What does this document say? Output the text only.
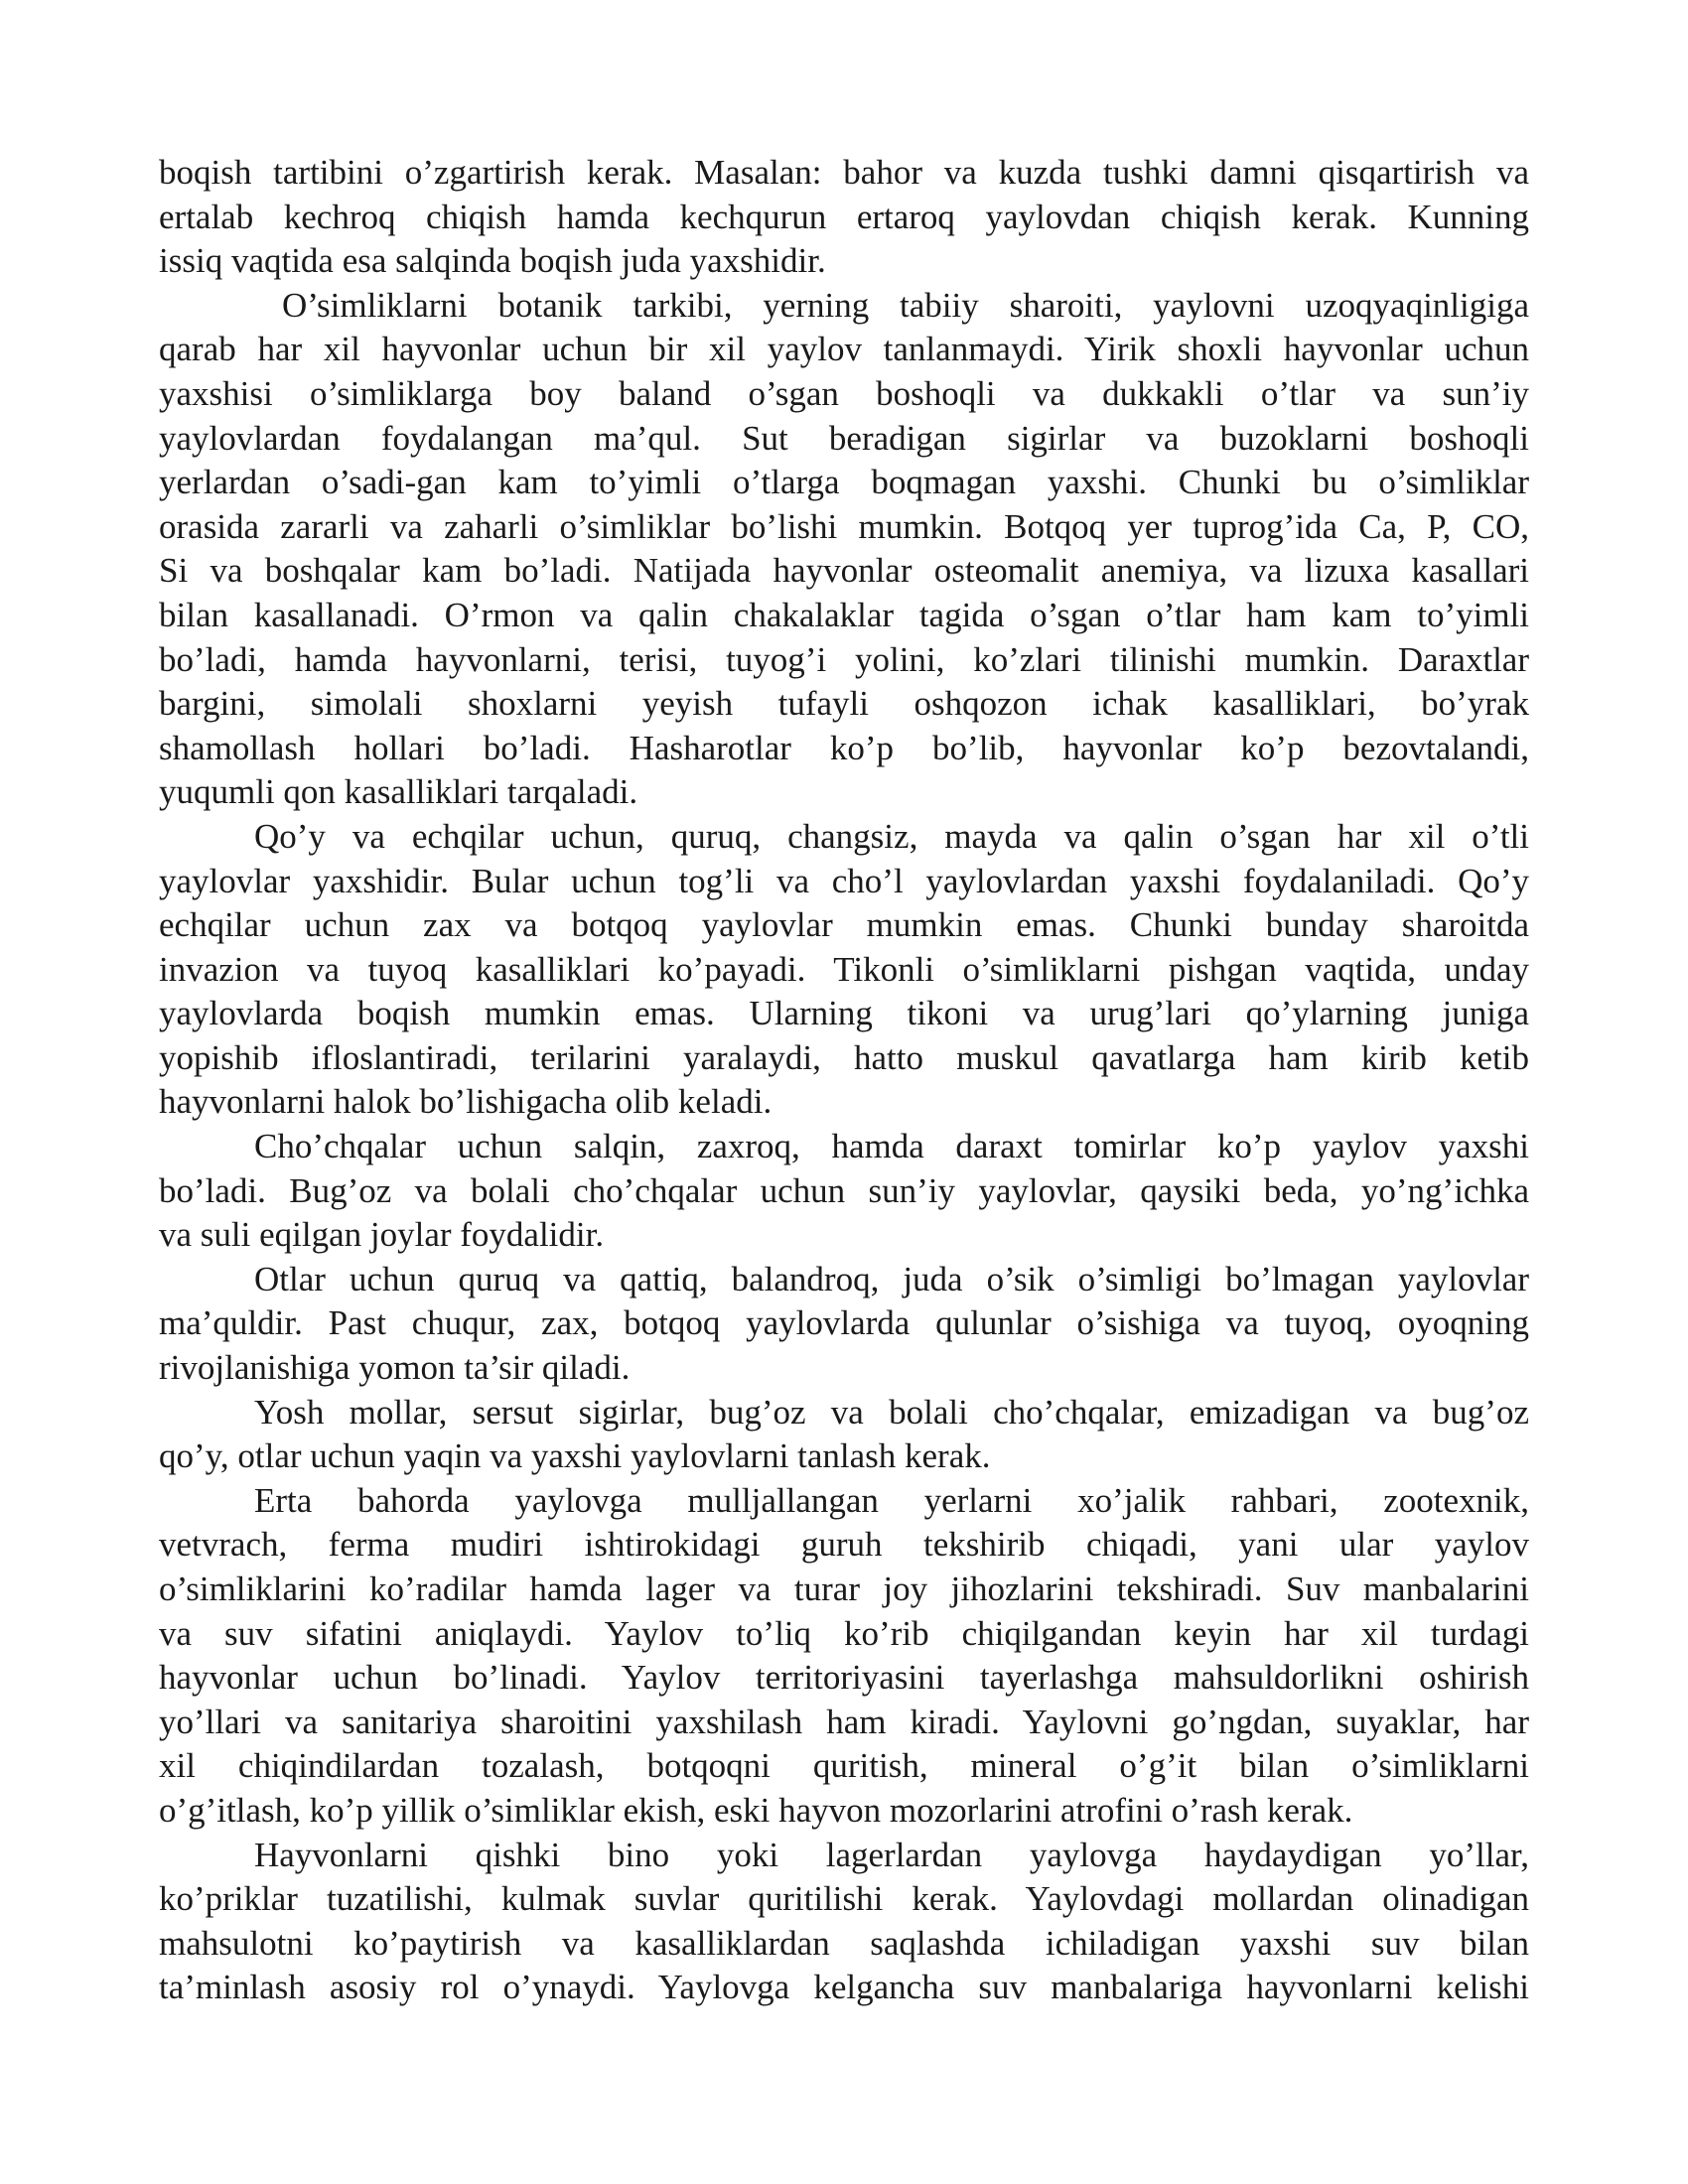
boqish tartibini o’zgartirish kerak. Masalan: bahor va kuzda tushki damni qisqartirish va
ertalab kechroq chiqish hamda kechqurun ertaroq yaylovdan chiqish kerak. Kunning
issiq vaqtida esa salqinda boqish juda yaxshidir.
O’simliklarni botanik tarkibi, yerning tabiiy sharoiti, yaylovni uzoqyaqinligiga
qarab har xil hayvonlar uchun bir xil yaylov tanlanmaydi. Yirik shoxli hayvonlar uchun
yaxshisi o’simliklarga boy baland o’sgan boshoqli va dukkakli o’tlar va sun’iy
yaylovlardan foydalangan ma’qul. Sut beradigan sigirlar va buzoklarni boshoqli
yerlardan o’sadi-gan kam to’yimli o’tlarga boqmagan yaxshi. Chunki bu o’simliklar
orasida zararli va zaharli o’simliklar bo’lishi mumkin. Botqoq yer tuprog’ida Ca, P, CO,
Si va boshqalar kam bo’ladi. Natijada hayvonlar osteomalit anemiya, va lizuxa kasallari
bilan kasallanadi. O’rmon va qalin chakalaklar tagida o’sgan o’tlar ham kam to’yimli
bo’ladi, hamda hayvonlarni, terisi, tuyog’i yolini, ko’zlari tilinishi mumkin. Daraxtlar
bargini, simolali shoxlarni yeyish tufayli oshqozon ichak kasalliklari, bo’yrak
shamollash hollari bo’ladi. Hasharotlar ko’p bo’lib, hayvonlar ko’p bezovtalandi,
yuqumli qon kasalliklari tarqaladi.
Qo’y va echqilar uchun, quruq, changsiz, mayda va qalin o’sgan har xil o’tli
yaylovlar yaxshidir. Bular uchun tog’li va cho’l yaylovlardan yaxshi foydalaniladi. Qo’y
echqilar uchun zax va botqoq yaylovlar mumkin emas. Chunki bunday sharoitda
invazion va tuyoq kasalliklari ko’payadi. Tikonli o’simliklarni pishgan vaqtida, unday
yaylovlarda boqish mumkin emas. Ularning tikoni va urug’lari qo’ylarning juniga
yopishib ifloslantiradi, terilarini yaralaydi, hatto muskul qavatlarga ham kirib ketib
hayvonlarni halok bo’lishigacha olib keladi.
Cho’chqalar uchun salqin, zaxroq, hamda daraxt tomirlar ko’p yaylov yaxshi
bo’ladi. Bug’oz va bolali cho’chqalar uchun sun’iy yaylovlar, qaysiki beda, yo’ng’ichka
va suli eqilgan joylar foydalidir.
Otlar uchun quruq va qattiq, balandroq, juda o’sik o’simligi bo’lmagan yaylovlar
ma’quldir. Past chuqur, zax, botqoq yaylovlarda qulunlar o’sishiga va tuyoq, oyoqning
rivojlanishiga yomon ta’sir qiladi.
Yosh mollar, sersut sigirlar, bug’oz va bolali cho’chqalar, emizadigan va bug’oz
qo’y, otlar uchun yaqin va yaxshi yaylovlarni tanlash kerak.
Erta bahorda yaylovga mulljallangan yerlarni xo’jalik rahbari, zootexnik,
vetvrach, ferma mudiri ishtirokidagi guruh tekshirib chiqadi, yani ular yaylov
o’simliklarini ko’radilar hamda lager va turar joy jihozlarini tekshiradi. Suv manbalarini
va suv sifatini aniqlaydi. Yaylov to’liq ko’rib chiqilgandan keyin har xil turdagi
hayvonlar uchun bo’linadi. Yaylov territoriyasini tayerlashga mahsuldorlikni oshirish
yo’llari va sanitariya sharoitini yaxshilash ham kiradi. Yaylovni go’ngdan, suyaklar, har
xil chiqindilardan tozalash, botqoqni quritish, mineral o’g’it bilan o’simliklarni
o’g’itlash, ko’p yillik o’simliklar ekish, eski hayvon mozorlarini atrofini o’rash kerak.
Hayvonlarni qishki bino yoki lagerlardan yaylovga haydaydigan yo’llar,
ko’priklar tuzatilishi, kulmak suvlar quritilishi kerak. Yaylovdagi mollardan olinadigan
mahsulotni ko’paytirish va kasalliklardan saqlashda ichiladigan yaxshi suv bilan
ta’minlash asosiy rol o’ynaydi. Yaylovga kelgancha suv manbalariga hayvonlarni kelishi
